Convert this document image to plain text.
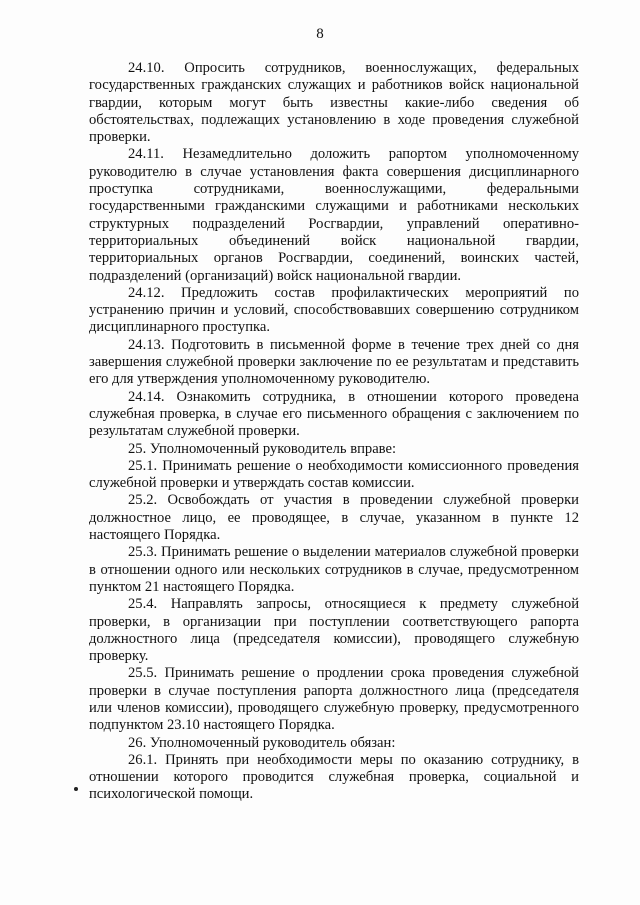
8

24.10. Опросить сотрудников, военнослужащих, федеральных государственных гражданских служащих и работников войск национальной гвардии, которым могут быть известны какие-либо сведения об обстоятельствах, подлежащих установлению в ходе проведения служебной проверки.

24.11. Незамедлительно доложить рапортом уполномоченному руководителю в случае установления факта совершения дисциплинарного проступка сотрудниками, военнослужащими, федеральными государственными гражданскими служащими и работниками нескольких структурных подразделений Росгвардии, управлений оперативно-территориальных объединений войск национальной гвардии, территориальных органов Росгвардии, соединений, воинских частей, подразделений (организаций) войск национальной гвардии.

24.12. Предложить состав профилактических мероприятий по устранению причин и условий, способствовавших совершению сотрудником дисциплинарного проступка.

24.13. Подготовить в письменной форме в течение трех дней со дня завершения служебной проверки заключение по ее результатам и представить его для утверждения уполномоченному руководителю.

24.14. Ознакомить сотрудника, в отношении которого проведена служебная проверка, в случае его письменного обращения с заключением по результатам служебной проверки.

25. Уполномоченный руководитель вправе:

25.1. Принимать решение о необходимости комиссионного проведения служебной проверки и утверждать состав комиссии.

25.2. Освобождать от участия в проведении служебной проверки должностное лицо, ее проводящее, в случае, указанном в пункте 12 настоящего Порядка.

25.3. Принимать решение о выделении материалов служебной проверки в отношении одного или нескольких сотрудников в случае, предусмотренном пунктом 21 настоящего Порядка.

25.4. Направлять запросы, относящиеся к предмету служебной проверки, в организации при поступлении соответствующего рапорта должностного лица (председателя комиссии), проводящего служебную проверку.

25.5. Принимать решение о продлении срока проведения служебной проверки в случае поступления рапорта должностного лица (председателя или членов комиссии), проводящего служебную проверку, предусмотренного подпунктом 23.10 настоящего Порядка.

26. Уполномоченный руководитель обязан:

26.1. Принять при необходимости меры по оказанию сотруднику, в отношении которого проводится служебная проверка, социальной и психологической помощи.
